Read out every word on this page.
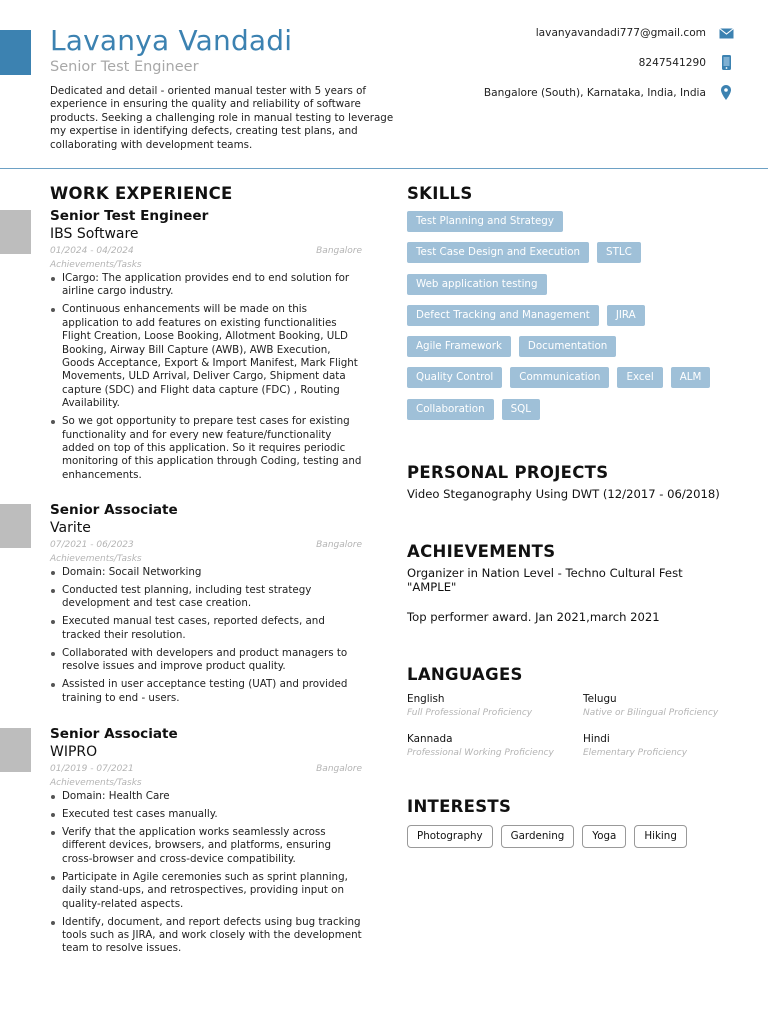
Lavanya Vandadi
Senior Test Engineer
Dedicated and detail - oriented manual tester with 5 years of experience in ensuring the quality and reliability of software products. Seeking a challenging role in manual testing to leverage my expertise in identifying defects, creating test plans, and collaborating with development teams.
lavanyavandadi777@gmail.com
8247541290
Bangalore (South), Karnataka, India, India
WORK EXPERIENCE
Senior Test Engineer
IBS Software
01/2024 - 04/2024	Bangalore
Achievements/Tasks
ICargo: The application provides end to end solution for airline cargo industry.
Continuous enhancements will be made on this application to add features on existing functionalities Flight Creation, Loose Booking, Allotment Booking, ULD Booking, Airway Bill Capture (AWB), AWB Execution, Goods Acceptance, Export & Import Manifest, Mark Flight Movements, ULD Arrival, Deliver Cargo, Shipment data capture (SDC) and Flight data capture (FDC) , Routing Availability.
So we got opportunity to prepare test cases for existing functionality and for every new feature/functionality added on top of this application. So it requires periodic monitoring of this application through Coding, testing and enhancements.
Senior Associate
Varite
07/2021 - 06/2023	Bangalore
Achievements/Tasks
Domain: Socail Networking
Conducted test planning, including test strategy development and test case creation.
Executed manual test cases, reported defects, and tracked their resolution.
Collaborated with developers and product managers to resolve issues and improve product quality.
Assisted in user acceptance testing (UAT) and provided training to end - users.
Senior Associate
WIPRO
01/2019 - 07/2021	Bangalore
Achievements/Tasks
Domain: Health Care
Executed test cases manually.
Verify that the application works seamlessly across different devices, browsers, and platforms, ensuring cross-browser and cross-device compatibility.
Participate in Agile ceremonies such as sprint planning, daily stand-ups, and retrospectives, providing input on quality-related aspects.
Identify, document, and report defects using bug tracking tools such as JIRA, and work closely with the development team to resolve issues.
SKILLS
Test Planning and Strategy
Test Case Design and Execution	STLC
Web application testing
Defect Tracking and Management	JIRA
Agile Framework	Documentation
Quality Control	Communication	Excel	ALM
Collaboration	SQL
PERSONAL PROJECTS
Video Steganography Using DWT (12/2017 - 06/2018)
ACHIEVEMENTS
Organizer in Nation Level - Techno Cultural Fest "AMPLE"
Top performer award. Jan 2021,march 2021
LANGUAGES
English
Full Professional Proficiency
Telugu
Native or Bilingual Proficiency
Kannada
Professional Working Proficiency
Hindi
Elementary Proficiency
INTERESTS
Photography	Gardening	Yoga	Hiking
